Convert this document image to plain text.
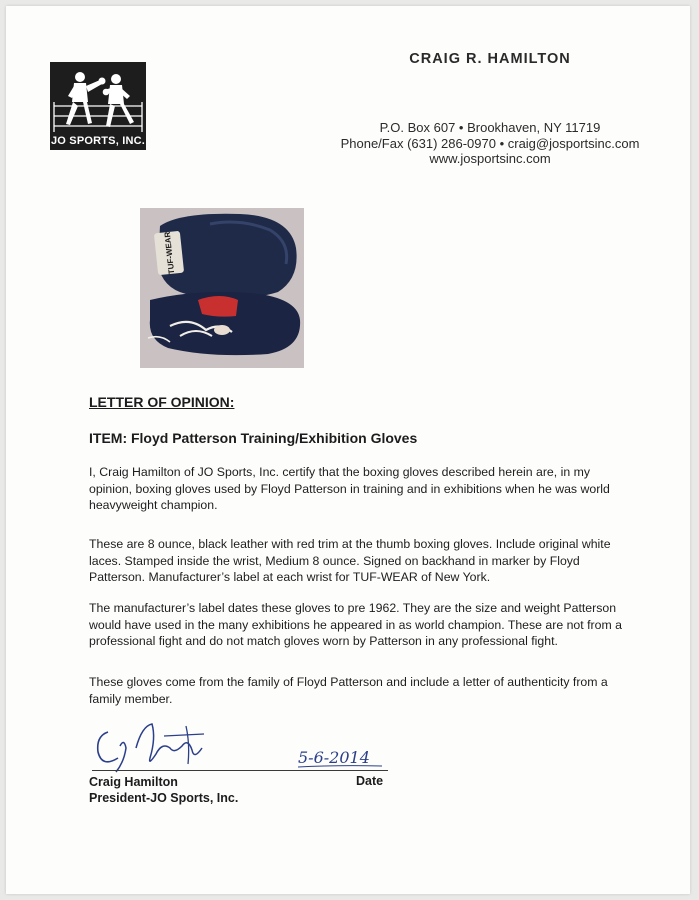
JO SPORTS, INC.
CRAIG R. HAMILTON
P.O. Box 607 • Brookhaven, NY 11719
Phone/Fax (631) 286-0970 • craig@josportsinc.com
www.josportsinc.com
TUF-WEAR
LETTER OF OPINION:
ITEM: Floyd Patterson Training/Exhibition Gloves
I, Craig Hamilton of JO Sports, Inc. certify that the boxing gloves described herein are, in my opinion, boxing gloves used by Floyd Patterson in training and in exhibitions when he was world heavyweight champion.
These are 8 ounce, black leather with red trim at the thumb boxing gloves. Include original white laces. Stamped inside the wrist, Medium 8 ounce. Signed on backhand in marker by Floyd Patterson. Manufacturer’s label at each wrist for TUF-WEAR of New York.
The manufacturer’s label dates these gloves to pre 1962. They are the size and weight Patterson would have used in the many exhibitions he appeared in as world champion. These are not from a professional fight and do not match gloves worn by Patterson in any professional fight.
These gloves come from the family of Floyd Patterson and include a letter of authenticity from a family member.
5-6-2014
Craig Hamilton
President-JO Sports, Inc.
Date
